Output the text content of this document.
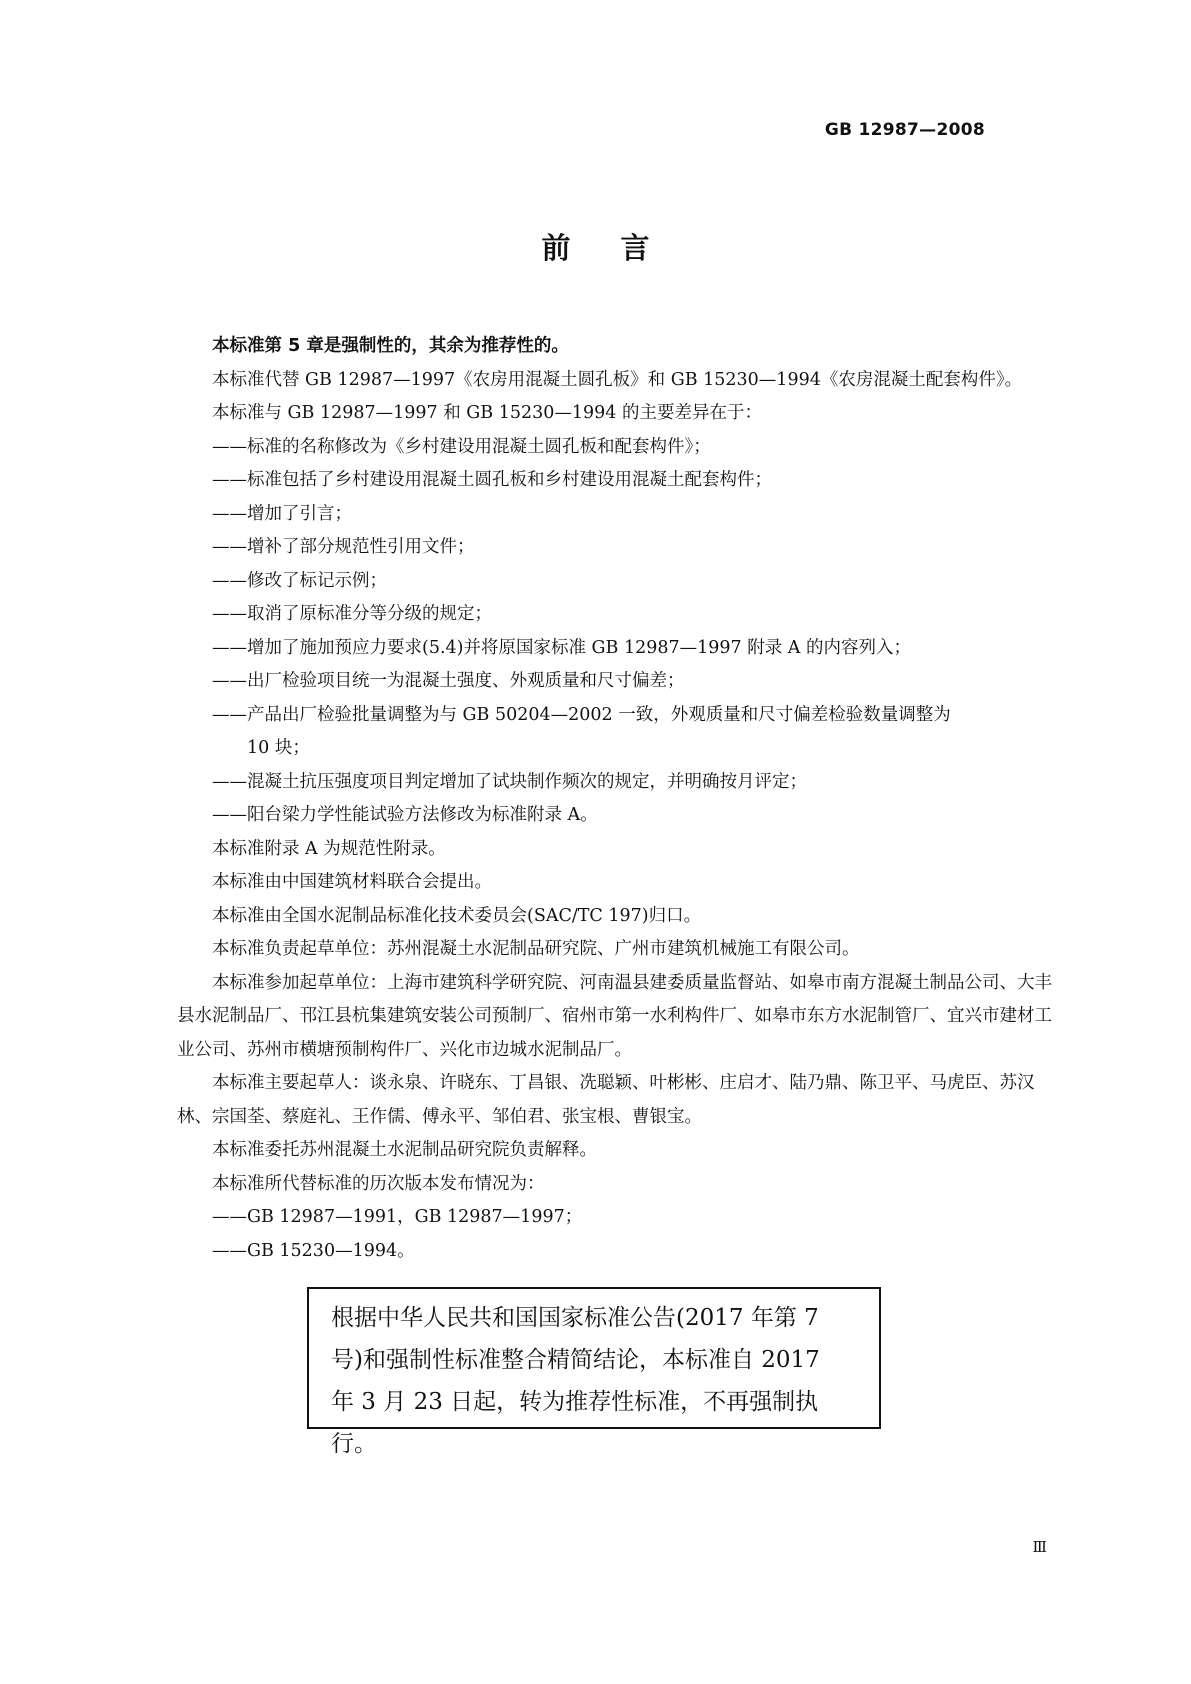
GB 12987—2008
前言

本标准第 5 章是强制性的，其余为推荐性的。

本标准代替 GB 12987—1997《农房用混凝土圆孔板》和 GB 15230—1994《农房混凝土配套构件》。

本标准与 GB 12987—1997 和 GB 15230—1994 的主要差异在于：

——标准的名称修改为《乡村建设用混凝土圆孔板和配套构件》；

——标准包括了乡村建设用混凝土圆孔板和乡村建设用混凝土配套构件；

——增加了引言；

——增补了部分规范性引用文件；

——修改了标记示例；

——取消了原标准分等分级的规定；

——增加了施加预应力要求(5.4)并将原国家标准 GB 12987—1997 附录 A 的内容列入；

——出厂检验项目统一为混凝土强度、外观质量和尺寸偏差；

——产品出厂检验批量调整为与 GB 50204—2002 一致，外观质量和尺寸偏差检验数量调整为

10 块；

——混凝土抗压强度项目判定增加了试块制作频次的规定，并明确按月评定；

——阳台梁力学性能试验方法修改为标准附录 A。

本标准附录 A 为规范性附录。

本标准由中国建筑材料联合会提出。

本标准由全国水泥制品标准化技术委员会(SAC/TC 197)归口。

本标准负责起草单位：苏州混凝土水泥制品研究院、广州市建筑机械施工有限公司。

本标准参加起草单位：上海市建筑科学研究院、河南温县建委质量监督站、如皋市南方混凝土制品公司、大丰县水泥制品厂、邗江县杭集建筑安装公司预制厂、宿州市第一水利构件厂、如皋市东方水泥制管厂、宜兴市建材工业公司、苏州市横塘预制构件厂、兴化市边城水泥制品厂。

本标准主要起草人：谈永泉、许晓东、丁昌银、冼聪颖、叶彬彬、庄启才、陆乃鼎、陈卫平、马虎臣、苏汉林、宗国荃、蔡庭礼、王作儒、傅永平、邹伯君、张宝根、曹银宝。

本标准委托苏州混凝土水泥制品研究院负责解释。

本标准所代替标准的历次版本发布情况为：

——GB 12987—1991，GB 12987—1997；

——GB 15230—1994。

根据中华人民共和国国家标准公告(2017 年第 7
号)和强制性标准整合精简结论，本标准自 2017
年 3 月 23 日起，转为推荐性标准，不再强制执行。
Ⅲ
